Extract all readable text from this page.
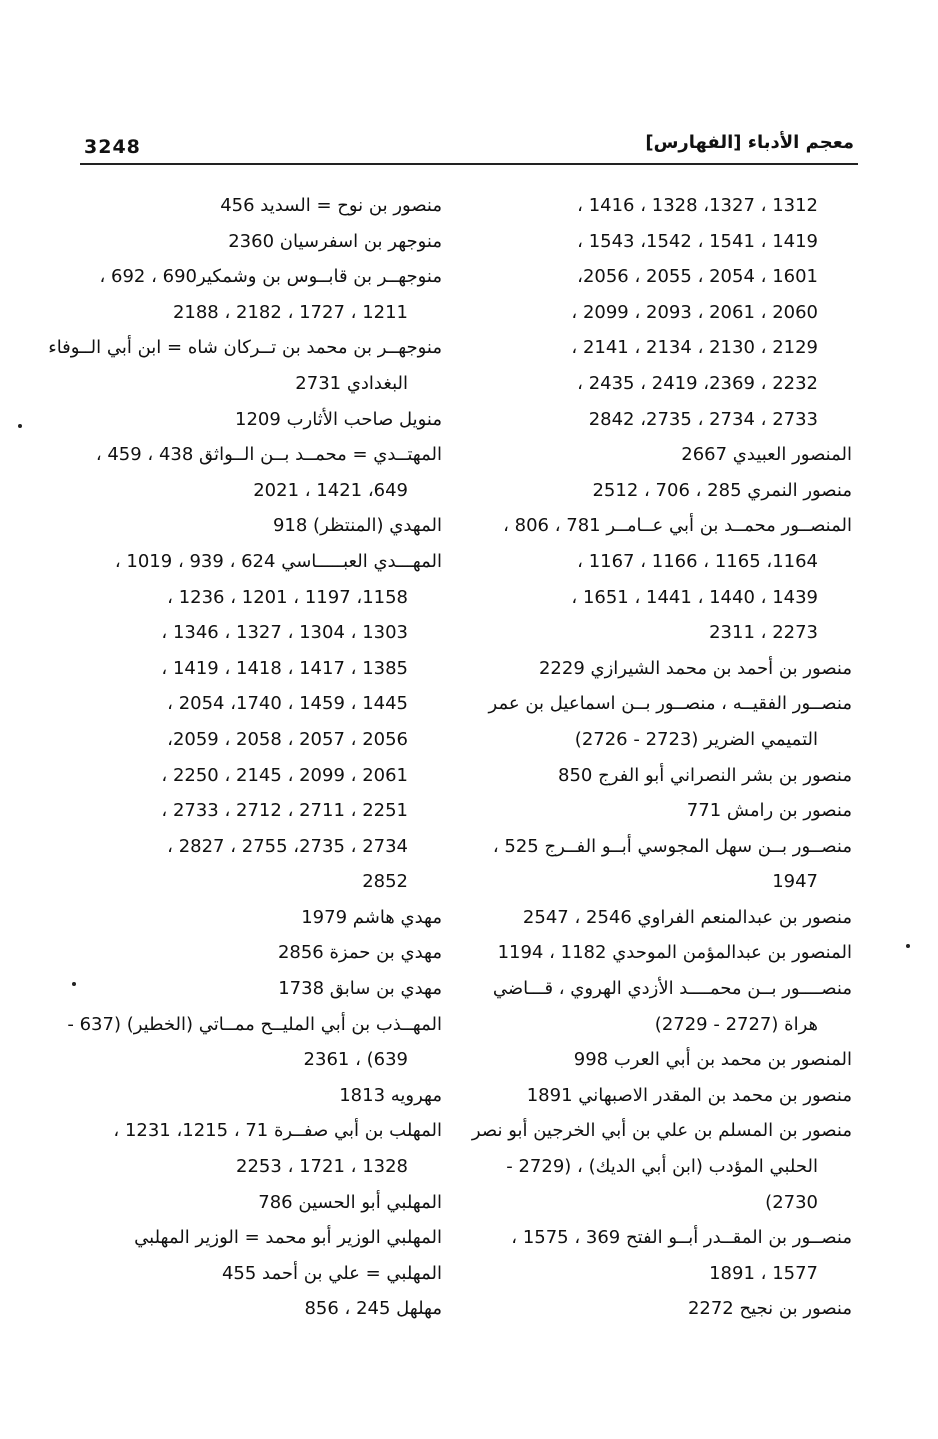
3248	معجم الأدباء [الفهارس]
1312 ، 1327، 1328 ، 1416 ،
1419 ، 1541 ، 1542، 1543 ،
1601 ، 2054 ، 2055 ، 2056،
2060 ، 2061 ، 2093 ، 2099 ،
2129 ، 2130 ، 2134 ، 2141 ،
2232 ، 2369، 2419 ، 2435 ،
2733 ، 2734 ، 2735، 2842
المنصور العبيدي 2667
منصور النمري 285 ، 706 ، 2512
المنصــور محمــد بن أبي عــامــر 781 ، 806 ،
1164، 1165 ، 1166 ، 1167 ،
1439 ، 1440 ، 1441 ، 1651 ،
2273 ، 2311
منصور بن أحمد بن محمد الشيرازي 2229
منصــور الفقيــه ، منصــور بــن اسماعيل بن عمر
التميمي الضرير (2723 - 2726)
منصور بن بشر النصراني أبو الفرج 850
منصور بن رامش 771
منصــور بــن سهل المجوسي أبــو الفــرج 525 ،
1947
منصور بن عبدالمنعم الفراوي 2546 ، 2547
المنصور بن عبدالمؤمن الموحدي 1182 ، 1194
منصــــور بــن محمــــد الأزدي الهروي ، قـــاضي
هراة (2727 - 2729)
المنصور بن محمد بن أبي العرب 998
منصور بن محمد بن المقدر الاصبهاني 1891
منصور بن المسلم بن علي بن أبي الخرجين أبو نصر
الحلبي المؤدب (ابن أبي الديك) ، (2729 -
2730)
منصــور بن المقــدر أبــو الفتح 369 ، 1575 ،
1577 ، 1891
منصور بن نجيح 2272
منصور بن نوح = السديد 456
منوجهر بن اسفرسيان 2360
منوجهــر بن قابــوس بن وشمكير690 ، 692 ،
1211 ، 1727 ، 2182 ، 2188
منوجهــر بن محمد بن تــركان شاه = ابن أبي الــوفاء
البغدادي 2731
منويل صاحب الأثارب 1209
المهتــدي = محمــد بــن الــواثق 438 ، 459 ،
649، 1421 ، 2021
المهدي (المنتظر) 918
المهـــدي العبـــــاسي 624 ، 939 ، 1019 ،
1158، 1197 ، 1201 ، 1236 ،
1303 ، 1304 ، 1327 ، 1346 ،
1385 ، 1417 ، 1418 ، 1419 ،
1445 ، 1459 ، 1740، 2054 ،
2056 ، 2057 ، 2058 ، 2059،
2061 ، 2099 ، 2145 ، 2250 ،
2251 ، 2711 ، 2712 ، 2733 ،
2734 ، 2735، 2755 ، 2827 ،
2852
مهدي هاشم 1979
مهدي بن حمزة 2856
مهدي بن سابق 1738
المهــذب بن أبي المليــح ممــاتي (الخطير) (637 -
639) ، 2361
مهرويه 1813
المهلب بن أبي صفــرة 71 ، 1215، 1231 ،
1328 ، 1721 ، 2253
المهلبي أبو الحسين 786
المهلبي الوزير أبو محمد = الوزير المهلبي
المهلبي = علي بن أحمد 455
مهلهل 245 ، 856
